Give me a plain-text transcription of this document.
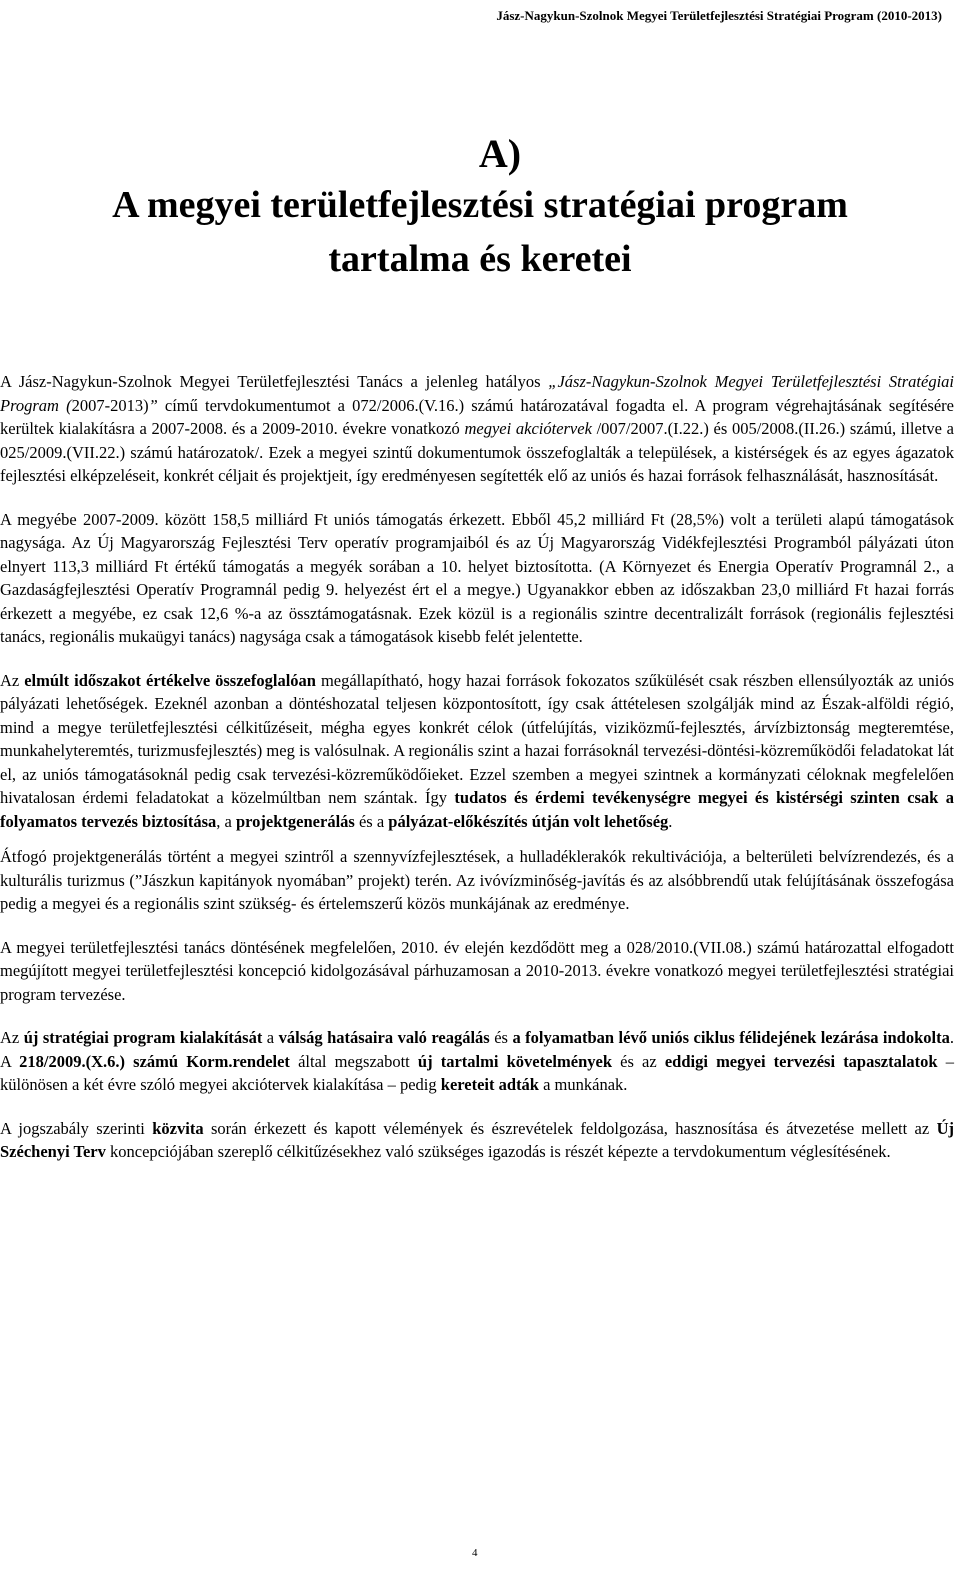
Jász-Nagykun-Szolnok Megyei Területfejlesztési Stratégiai Program (2010-2013)
A)
A megyei területfejlesztési stratégiai program
tartalma és keretei

A Jász-Nagykun-Szolnok Megyei Területfejlesztési Tanács a jelenleg hatályos „Jász-Nagykun-Szolnok Megyei Területfejlesztési Stratégiai Program (2007-2013)” című tervdokumentumot a 072/2006.(V.16.) számú határozatával fogadta el. A program végrehajtásának segítésére kerültek kialakításra a 2007-2008. és a 2009-2010. évekre vonatkozó megyei akciótervek /007/2007.(I.22.) és 005/2008.(II.26.) számú, illetve a 025/2009.(VII.22.) számú határozatok/. Ezek a megyei szintű dokumentumok összefoglalták a települések, a kistérségek és az egyes ágazatok fejlesztési elképzeléseit, konkrét céljait és projektjeit, így eredményesen segítették elő az uniós és hazai források felhasználását, hasznosítását.

A megyébe 2007-2009. között 158,5 milliárd Ft uniós támogatás érkezett. Ebből 45,2 milliárd Ft (28,5%) volt a területi alapú támogatások nagysága. Az Új Magyarország Fejlesztési Terv operatív programjaiból és az Új Magyarország Vidékfejlesztési Programból pályázati úton elnyert 113,3 milliárd Ft értékű támogatás a megyék sorában a 10. helyet biztosította. (A Környezet és Energia Operatív Programnál 2., a Gazdaságfejlesztési Operatív Programnál pedig 9. helyezést ért el a megye.) Ugyanakkor ebben az időszakban 23,0 milliárd Ft hazai forrás érkezett a megyébe, ez csak 12,6 %-a az össztámogatásnak. Ezek közül is a regionális szintre decentralizált források (regionális fejlesztési tanács, regionális mukaügyi tanács) nagysága csak a támogatások kisebb felét jelentette.

Az elmúlt időszakot értékelve összefoglalóan megállapítható, hogy hazai források fokozatos szűkülését csak részben ellensúlyozták az uniós pályázati lehetőségek. Ezeknél azonban a döntéshozatal teljesen központosított, így csak áttételesen szolgálják mind az Észak-alföldi régió, mind a megye területfejlesztési célkitűzéseit, mégha egyes konkrét célok (útfelújítás, viziközmű-fejlesztés, árvízbiztonság megteremtése, munkahelyteremtés, turizmusfejlesztés) meg is valósulnak. A regionális szint a hazai forrásoknál tervezési-döntési-közreműködői feladatokat lát el, az uniós támogatásoknál pedig csak tervezési-közreműködőieket. Ezzel szemben a megyei szintnek a kormányzati céloknak megfelelően hivatalosan érdemi feladatokat a közelmúltban nem szántak. Így tudatos és érdemi tevékenységre megyei és kistérségi szinten csak a folyamatos tervezés biztosítása, a projektgenerálás és a pályázat-előkészítés útján volt lehetőség.

Átfogó projektgenerálás történt a megyei szintről a szennyvízfejlesztések, a hulladéklerakók rekultivációja, a belterületi belvízrendezés, és a kulturális turizmus (”Jászkun kapitányok nyomában” projekt) terén. Az ivóvízminőség-javítás és az alsóbbrendű utak felújításának összefogása pedig a megyei és a regionális szint szükség- és értelemszerű közös munkájának az eredménye.

A megyei területfejlesztési tanács döntésének megfelelően, 2010. év elején kezdődött meg a 028/2010.(VII.08.) számú határozattal elfogadott megújított megyei területfejlesztési koncepció kidolgozásával párhuzamosan a 2010-2013. évekre vonatkozó megyei területfejlesztési stratégiai program tervezése.

Az új stratégiai program kialakítását a válság hatásaira való reagálás és a folyamatban lévő uniós ciklus félidejének lezárása indokolta. A 218/2009.(X.6.) számú Korm.rendelet által megszabott új tartalmi követelmények és az eddigi megyei tervezési tapasztalatok – különösen a két évre szóló megyei akciótervek kialakítása – pedig kereteit adták a munkának.

A jogszabály szerinti közvita során érkezett és kapott vélemények és észrevételek feldolgozása, hasznosítása és átvezetése mellett az Új Széchenyi Terv koncepciójában szereplő célkitűzésekhez való szükséges igazodás is részét képezte a tervdokumentum véglesítésének.

4
